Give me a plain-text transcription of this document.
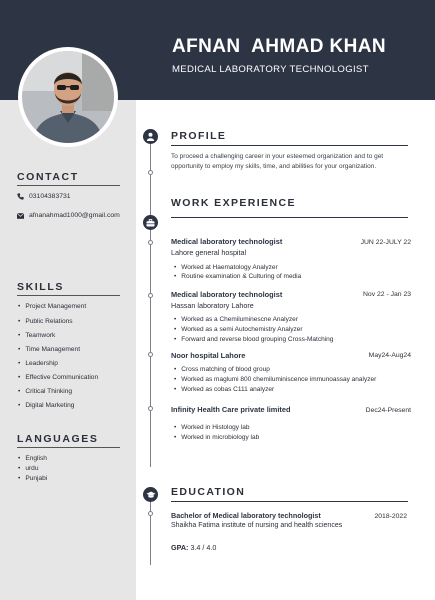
AFNAN  AHMAD KHAN
MEDICAL LABORATORY TECHNOLOGIST
CONTACT
03104383731
afnanahmad1000@gmail.com
SKILLS
• Project Management
• Public Relations
• Teamwork
• Time Management
• Leadership
• Effective Communication
• Critical Thinking
• Digital Marketing
LANGUAGES
• English
• urdu
• Punjabi
PROFILE
To proceed a challenging career in your esteemed organization and to get opportunity to employ my skills, time, and abilities for your organization.
WORK EXPERIENCE
Medical laboratory technologist	JUN 22-JULY 22
Lahore general hospital
• Worked at Haematology Analyzer
• Routine examination & Culturing of media
Medical laboratory technologist	Nov 22 - Jan 23
Hassan laboratory Lahore
• Worked as a Chemiluminescne Analyzer
• Worked as a semi Autochemistry Analyzer
• Forward and reverse blood grouping Cross-Matching
Noor hospital Lahore	May24-Aug24
• Cross matching of blood group
• Worked as maglumi 800 chemiluminiscence immunoassay analyzer
• Worked as cobas C111 analyzer
Infinity Health Care private limited	Dec24-Present
• Worked in Histology lab
• Worked in microbiology lab
EDUCATION
Bachelor of Medical laboratory technologist	2018-2022
Shaikha Fatima institute of nursing and health sciences
GPA: 3.4 / 4.0
